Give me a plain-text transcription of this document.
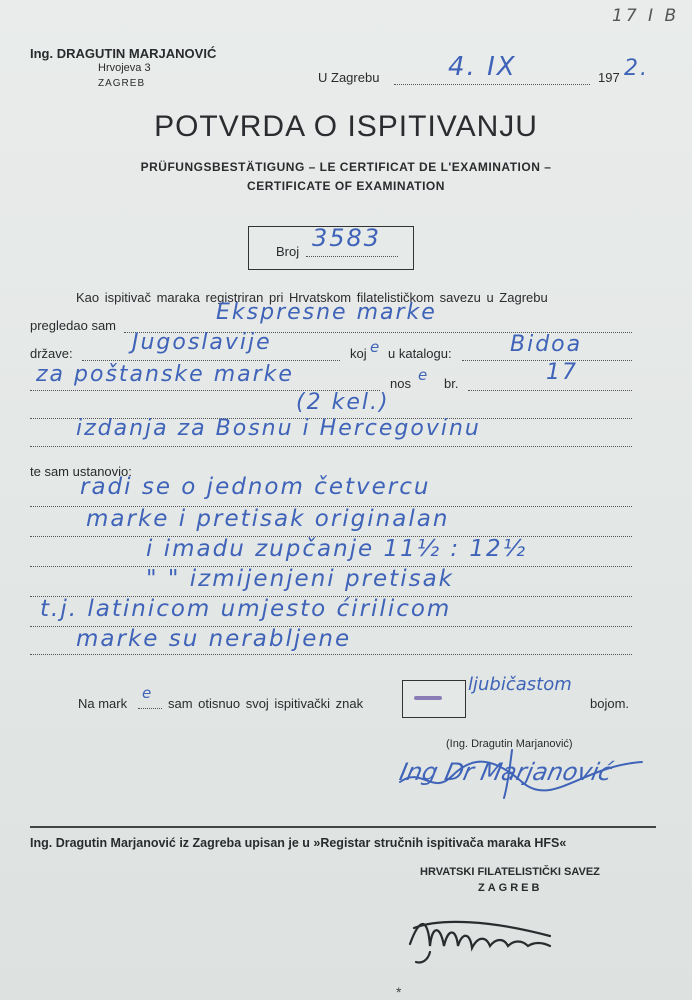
17 I B
Ing. DRAGUTIN MARJANOVIĆ
Hrvojeva 3
ZAGREB	U Zagrebu	4. IX	197 2.
POTVRDA O ISPITIVANJU
PRÜFUNGSBESTÄTIGUNG – LE CERTIFICAT DE L'EXAMINATION –
CERTIFICATE OF EXAMINATION
Broj 3583
Kao ispitivač maraka registriran pri Hrvatskom filatelističkom savezu u Zagrebu
pregledao sam
Ekspresne marke
države:	Jugoslavije	koj e u katalogu:	Bidoa
za poštanske marke	nos e br.	17
(2 kel.)
izdanja za Bosnu i Hercegovinu
te sam ustanovio:
radi se o jednom četvercu
marke i pretisak originalan
i imadu zupčanje 11½ : 12½
" " izmijenjeni pretisak
t.j. latinicom umjesto ćirilicom
marke su nerabljene
Na mark
e
sam otisnuo svoj ispitivački znak
ljubičastom
bojom.
(Ing. Dragutin Marjanović)
Ing Dr Marjanović
Ing. Dragutin Marjanović iz Zagreba upisan je u »Registar stručnih ispitivača maraka HFS«
HRVATSKI FILATELISTIČKI SAVEZ
ZAGREB
*
